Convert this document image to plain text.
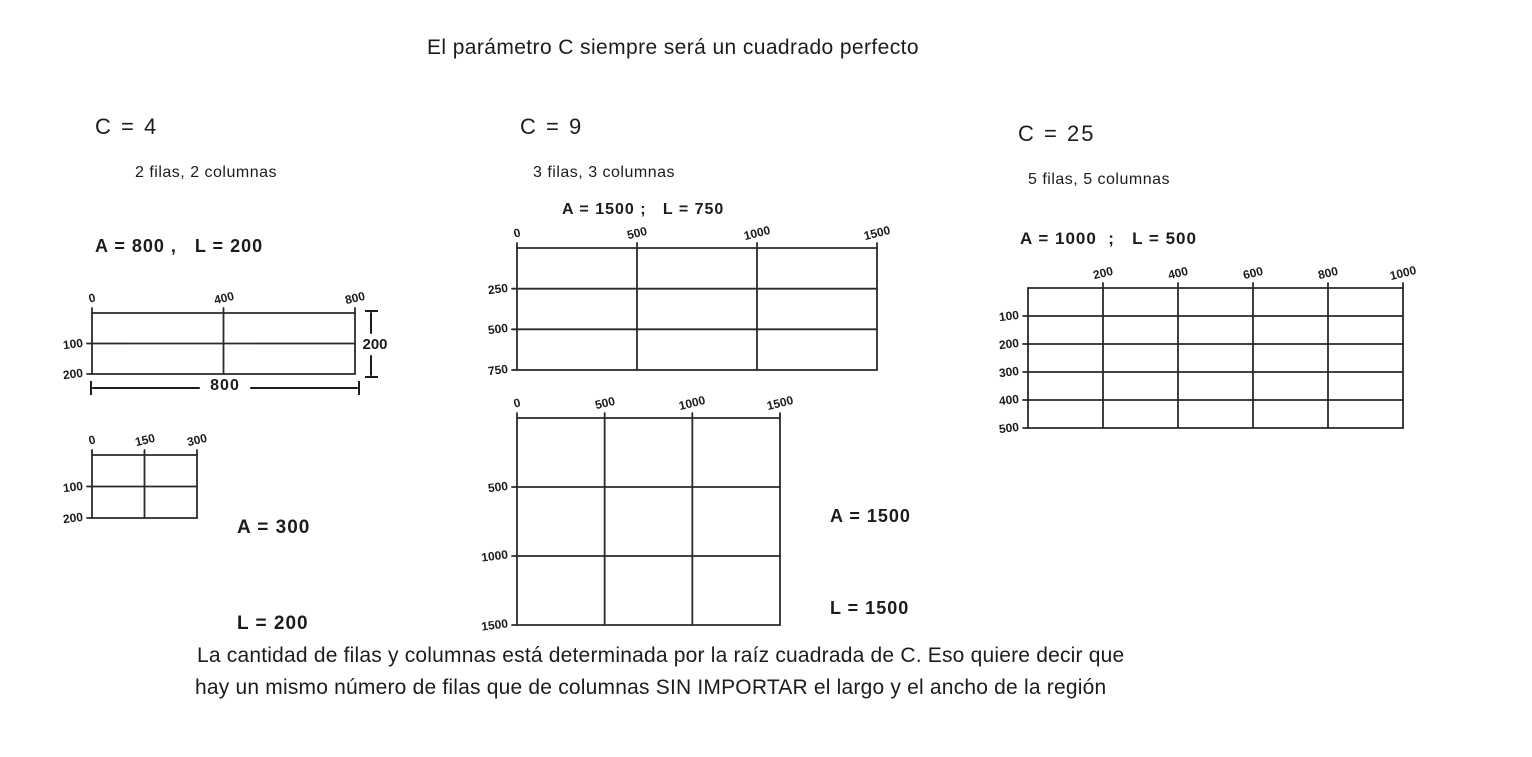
El parámetro C siempre será un cuadrado perfecto
C = 4
2 filas, 2 columnas
A = 800 ,   L = 200
0	400	800
100
200
800
200
0	150 300
100
200

	A = 300

L = 200

C = 9
3 filas, 3 columnas
A = 1500 ;   L = 750
0	500	1000	1500
250
500
750
0	500	1000	1500
500
1000
1500

A = 1500

L = 1500

C = 25
5 filas, 5 columnas
A = 1000  ;   L = 500
200	400	600	800	1000
100
200
300
400
500
La cantidad de filas y columnas está determinada por la raíz cuadrada de C. Eso quiere decir que
hay un mismo número de filas que de columnas SIN IMPORTAR el largo y el ancho de la región
